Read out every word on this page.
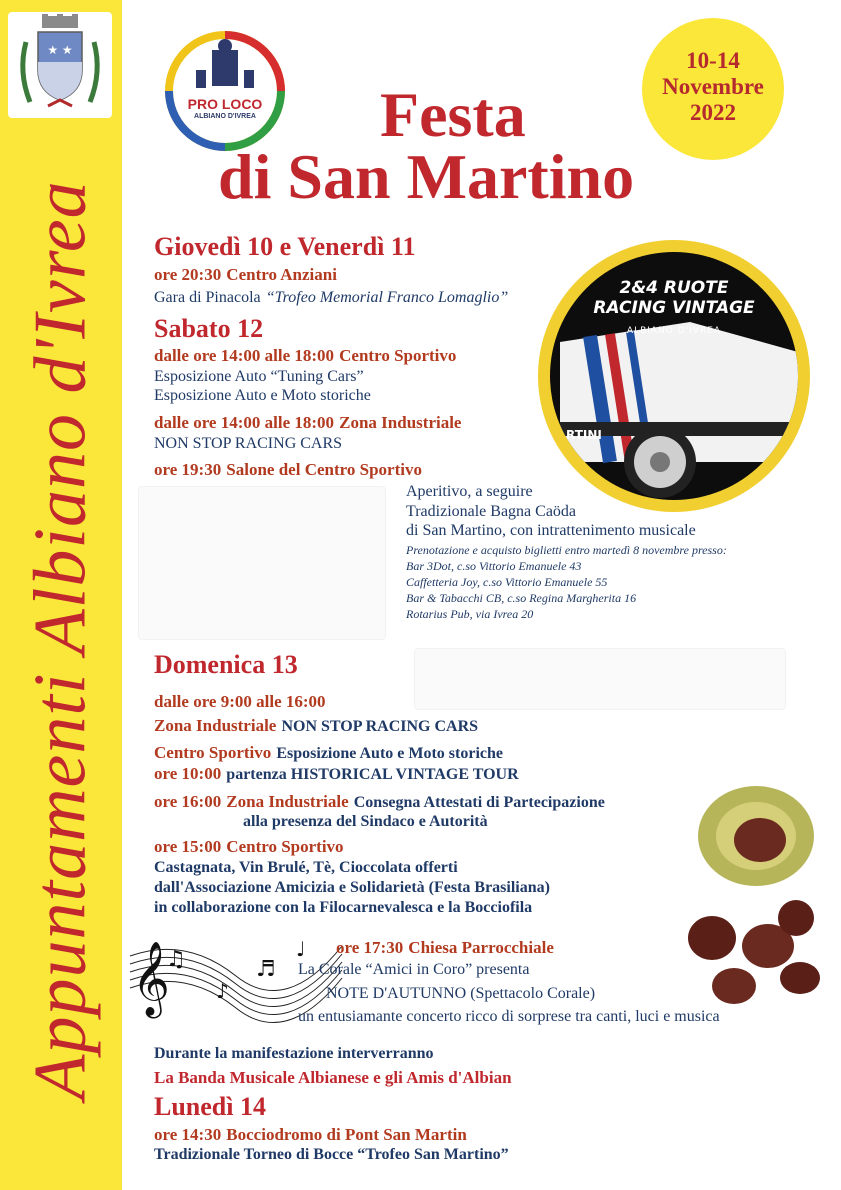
Appuntamenti Albiano d'Ivrea
★ ★
PRO LOCO
ALBIANO D'IVREA Festa
di San Martino
10-14
Novembre
2022
2&4 RUOTE
RACING VINTAGE
ALBIANO D'IVREA
RTINI
Giovedì 10 e Venerdì 11
ore 20:30 Centro Anziani
Gara di Pinacola “Trofeo Memorial Franco Lomaglio”
Sabato 12
dalle ore 14:00 alle 18:00 Centro Sportivo
Esposizione Auto “Tuning Cars”
Esposizione Auto e Moto storiche
dalle ore 14:00 alle 18:00 Zona Industriale
NON STOP RACING CARS
ore 19:30 Salone del Centro Sportivo
Aperitivo, a seguire
Tradizionale Bagna Caöda
di San Martino, con intrattenimento musicale
Prenotazione e acquisto biglietti entro martedì 8 novembre presso:
Bar 3Dot, c.so Vittorio Emanuele 43
Caffetteria Joy, c.so Vittorio Emanuele 55
Bar & Tabacchi CB, c.so Regina Margherita 16
Rotarius Pub, via Ivrea 20
Domenica 13
dalle ore 9:00 alle 16:00
Zona Industriale NON STOP RACING CARS
Centro Sportivo Esposizione Auto e Moto storiche
ore 10:00 partenza HISTORICAL VINTAGE TOUR
ore 16:00 Zona Industriale Consegna Attestati di Partecipazione
alla presenza del Sindaco e Autorità
ore 15:00 Centro Sportivo
Castagnata, Vin Brulé, Tè, Cioccolata offerti
dall'Associazione Amicizia e Solidarietà (Festa Brasiliana)
in collaborazione con la Filocarnevalesca e la Bocciofila
𝄞
♫
♪
♬
♩ ore 17:30 Chiesa Parrocchiale
La Corale “Amici in Coro” presenta
NOTE D'AUTUNNO (Spettacolo Corale)
un entusiamante concerto ricco di sorprese tra canti, luci e musica
Durante la manifestazione interverranno
La Banda Musicale Albianese e gli Amis d'Albian
Lunedì 14
ore 14:30 Bocciodromo di Pont San Martin
Tradizionale Torneo di Bocce “Trofeo San Martino”
